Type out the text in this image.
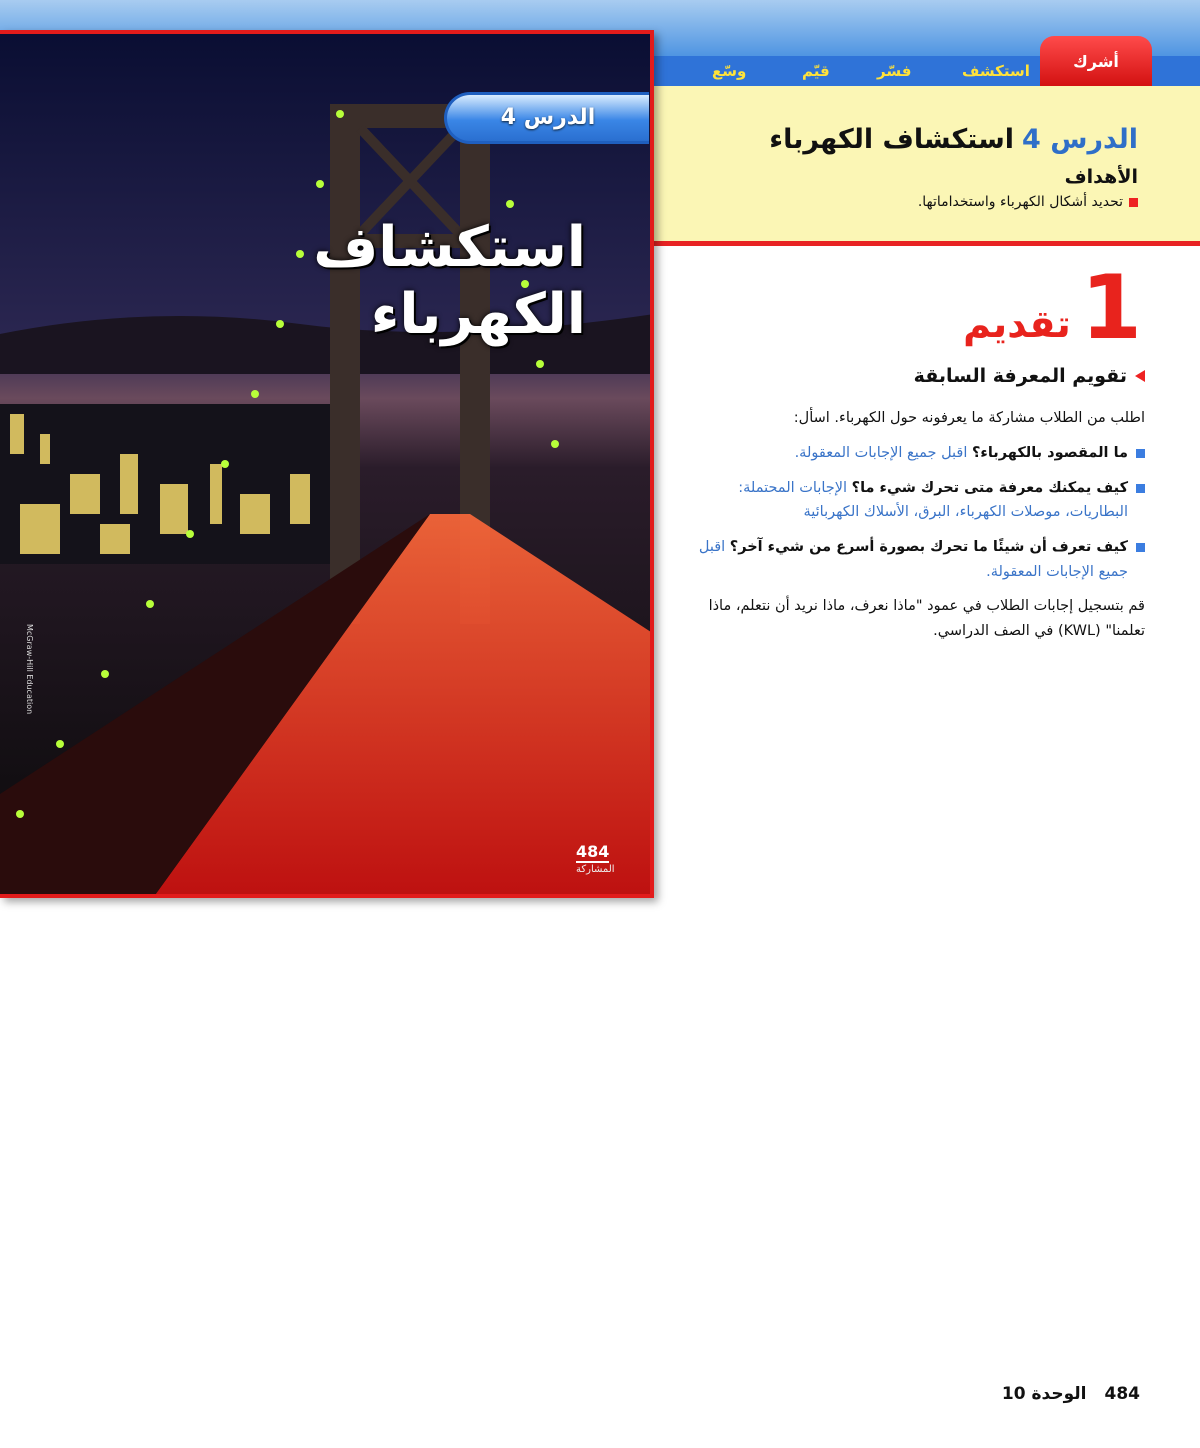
استكشف
فسّر
قيّم
وسّع	أشرك
الدرس 4استكشاف الكهرباء
الأهداف
تحديد أشكال الكهرباء واستخداماتها.
1
تقديم
تقويم المعرفة السابقة

اطلب من الطلاب مشاركة ما يعرفونه حول الكهرباء. اسأل:

ما المقصود بالكهرباء؟ اقبل جميع الإجابات المعقولة.
كيف يمكنك معرفة متى تحرك شيء ما؟ الإجابات المحتملة: البطاريات، موصلات الكهرباء، البرق، الأسلاك الكهربائية
كيف تعرف أن شيئًا ما تحرك بصورة أسرع من شيء آخر؟ اقبل جميع الإجابات المعقولة.

قم بتسجيل إجابات الطلاب في عمود "ماذا نعرف، ماذا نريد أن نتعلم، ماذا تعلمنا" (KWL) في الصف الدراسي.

الدرس 4
استكشاف
الكهرباء
McGraw-Hill Education
484
المشاركة
484
الوحدة 10
